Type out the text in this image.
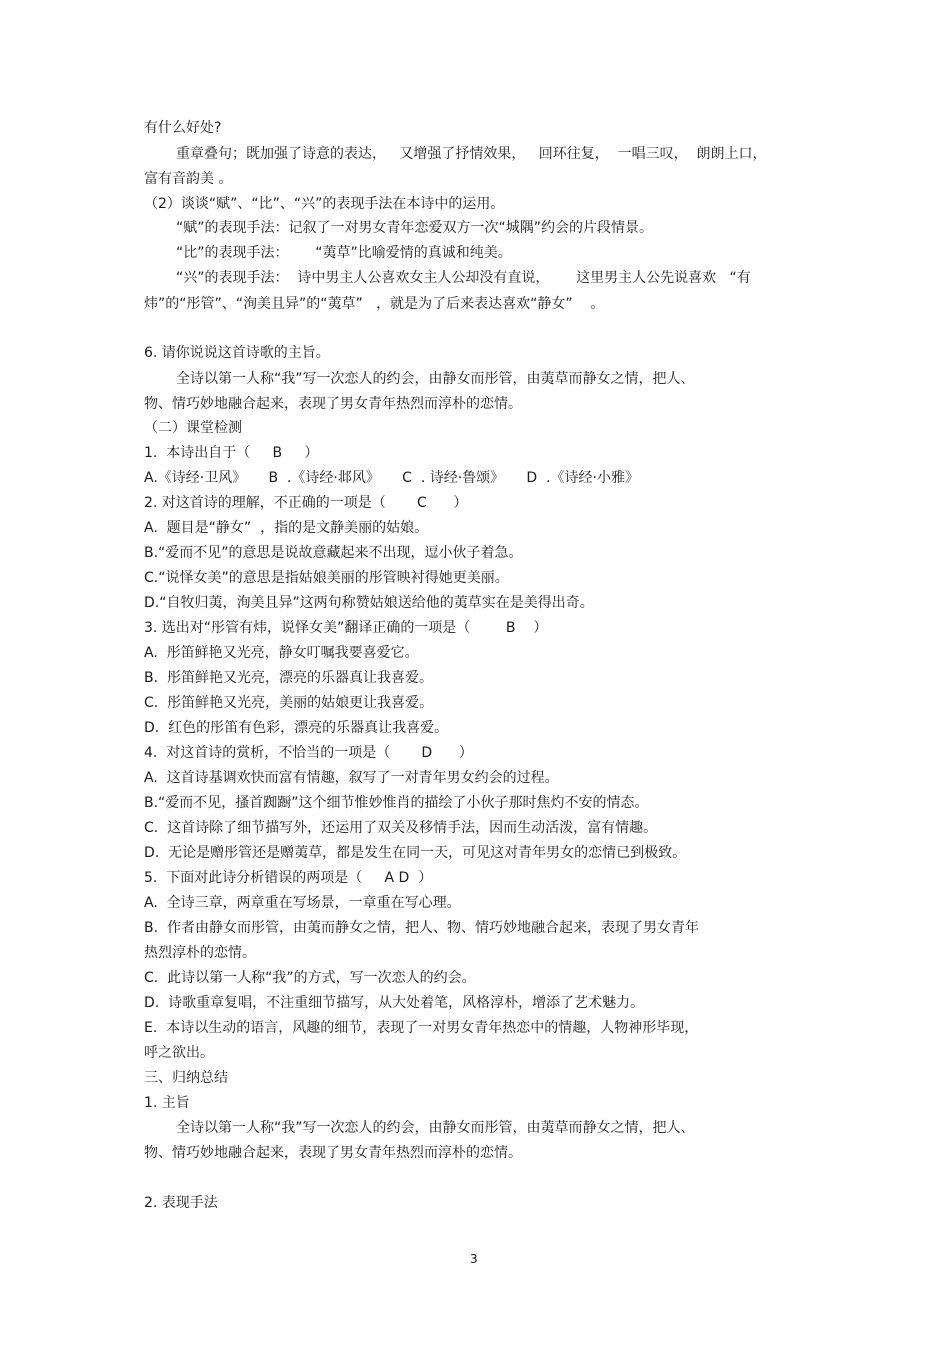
有什么好处?

重章叠句；既加强了诗意的表达，   又增强了抒情效果，   回环往复，  一唱三叹，  朗朗上口，

富有音韵美 。

（2）谈谈“赋”、“比”、“兴”的表现手法在本诗中的运用。

“赋”的表现手法：记叙了一对男女青年恋爱双方一次“城隅”约会的片段情景。

“比”的表现手法：      “荑草”比喻爱情的真诚和纯美。

“兴”的表现手法：  诗中男主人公喜欢女主人公却没有直说，      这里男主人公先说喜欢   “有

炜”的“彤管”、“洵美且异”的“荑草”   ，就是为了后来表达喜欢“静女”    。

6. 请你说说这首诗歌的主旨。

全诗以第一人称“我”写一次恋人的约会，由静女而彤管，由荑草而静女之情，把人、

物、情巧妙地融合起来，表现了男女青年热烈而淳朴的恋情。

（二）课堂检测

1.  本诗出自于（     B     ）

A.《诗经·卫风》     B  .《诗经·邶风》     C  . 诗经·鲁颂》     D  .《诗经·小雅》

2. 对这首诗的理解，不正确的一项是（       C      ）

A.  题目是“静女”  ，指的是文静美丽的姑娘。

B.“爱而不见”的意思是说故意藏起来不出现，逗小伙子着急。

C.“说怿女美”的意思是指姑娘美丽的彤管映衬得她更美丽。

D.“自牧归荑，洵美且异”这两句称赞姑娘送给他的荑草实在是美得出奇。

3. 选出对“彤管有炜，说怿女美”翻译正确的一项是（        B    ）

A.  彤笛鲜艳又光亮，静女叮嘱我要喜爱它。

B.  彤笛鲜艳又光亮，漂亮的乐器真让我喜爱。

C.  彤笛鲜艳又光亮，美丽的姑娘更让我喜爱。

D.  红色的彤笛有色彩，漂亮的乐器真让我喜爱。

4.  对这首诗的赏析，不恰当的一项是（       D      ）

A.  这首诗基调欢快而富有情趣，叙写了一对青年男女约会的过程。

B.“爱而不见，搔首踟蹰”这个细节惟妙惟肖的描绘了小伙子那时焦灼不安的情态。

C.  这首诗除了细节描写外，还运用了双关及移情手法，因而生动活泼，富有情趣。

D.  无论是赠彤管还是赠荑草，都是发生在同一天，可见这对青年男女的恋情已到极致。

5.  下面对此诗分析错误的两项是（     A D  ）

A.  全诗三章，两章重在写场景，一章重在写心理。

B.  作者由静女而彤管，由荑而静女之情，把人、物、情巧妙地融合起来，表现了男女青年

热烈淳朴的恋情。

C.  此诗以第一人称“我”的方式，写一次恋人的约会。

D.  诗歌重章复唱，不注重细节描写，从大处着笔，风格淳朴，增添了艺术魅力。

E.  本诗以生动的语言，风趣的细节，表现了一对男女青年热恋中的情趣，人物神形毕现，

呼之欲出。

三、归纳总结

1. 主旨

全诗以第一人称“我”写一次恋人的约会，由静女而彤管，由荑草而静女之情，把人、

物、情巧妙地融合起来，表现了男女青年热烈而淳朴的恋情。

2. 表现手法

3
